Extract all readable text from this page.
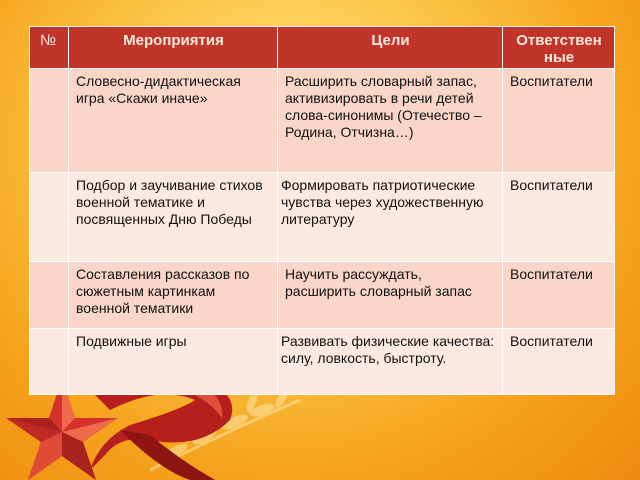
№	Мероприятия	Цели	Ответствен ные
	Словесно-дидактическая игра «Скажи иначе»	Расширить словарный запас, активизировать в речи детей слова-синонимы (Отечество – Родина, Отчизна…)	Воспитатели
	Подбор и заучивание стихов военной тематике и посвященных Дню Победы	Формировать патриотические чувства через художественную литературу	Воспитатели
	Составления рассказов по сюжетным картинкам военной тематики	Научить рассуждать, расширить словарный запас	Воспитатели
	Подвижные игры	Развивать физические качества: силу, ловкость, быстроту.	Воспитатели
